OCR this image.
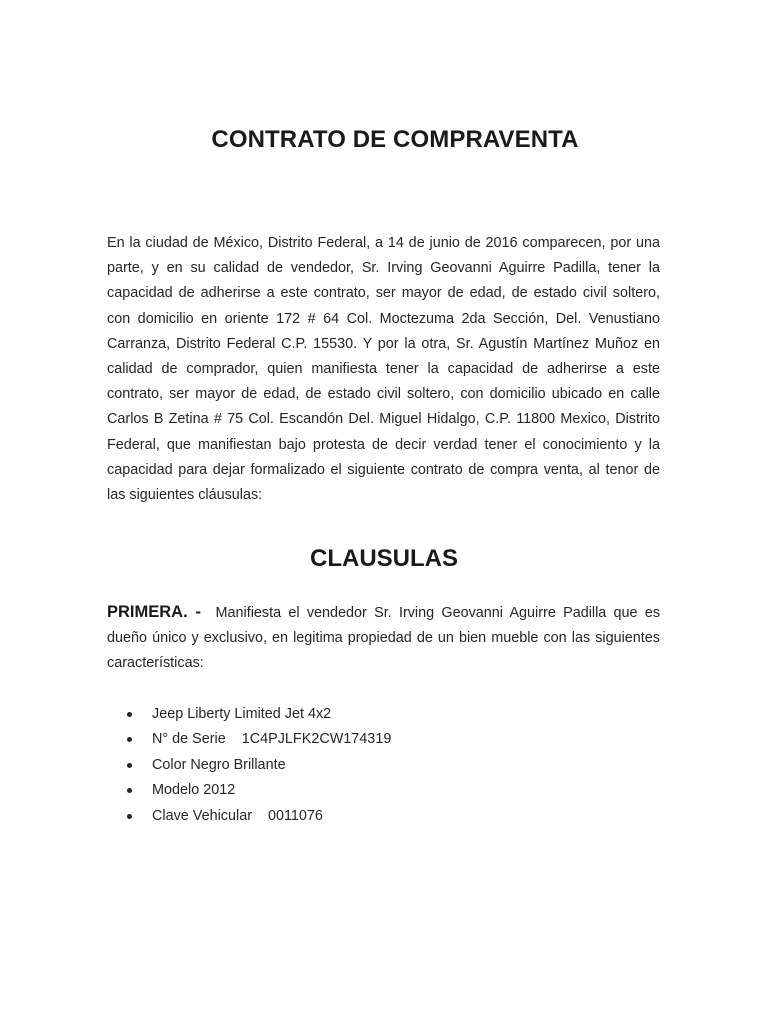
CONTRATO DE COMPRAVENTA

En la ciudad de México, Distrito Federal, a 14 de junio de 2016 comparecen, por una parte, y en su calidad de vendedor, Sr. Irving Geovanni Aguirre Padilla, tener la capacidad de adherirse a este contrato, ser mayor de edad, de estado civil soltero, con domicilio en oriente 172 # 64 Col. Moctezuma 2da Sección, Del. Venustiano Carranza, Distrito Federal C.P. 15530. Y por la otra, Sr. Agustín Martínez Muñoz en calidad de comprador, quien manifiesta tener la capacidad de adherirse a este contrato, ser mayor de edad, de estado civil soltero, con domicilio ubicado en calle Carlos B Zetina # 75 Col. Escandón Del. Miguel Hidalgo, C.P. 11800 Mexico, Distrito Federal, que manifiestan bajo protesta de decir verdad tener el conocimiento y la capacidad para dejar formalizado el siguiente contrato de compra venta, al tenor de las siguientes cláusulas:

CLAUSULAS

PRIMERA. - Manifiesta el vendedor Sr. Irving Geovanni Aguirre Padilla que es dueño único y exclusivo, en legitima propiedad de un bien mueble con las siguientes características:

Jeep Liberty Limited Jet 4x2
N° de Serie    1C4PJLFK2CW174319
Color Negro Brillante
Modelo 2012
Clave Vehicular    0011076
